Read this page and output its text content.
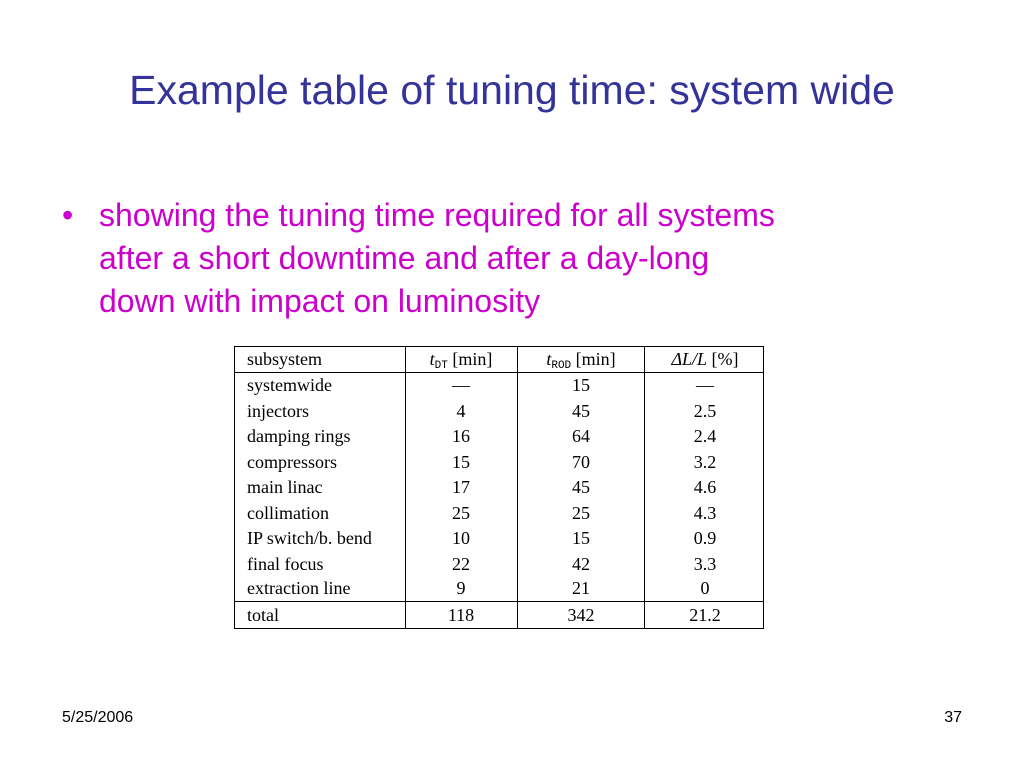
Example table of tuning time: system wide
• showing the tuning time required for all systems
after a short downtime and after a day-long
down with impact on luminosity
subsystem	$t_{DT}$ [min]	$t_{ROD}$ [min]	ΔL/L [%]
systemwide	—	15	—
injectors	4	45	2.5
damping rings	16	64	2.4
compressors	15	70	3.2
main linac	17	45	4.6
collimation	25	25	4.3
IP switch/b. bend	10	15	0.9
final focus	22	42	3.3
extraction line	9	21	0
total	118	342	21.2
5/25/2006	37
